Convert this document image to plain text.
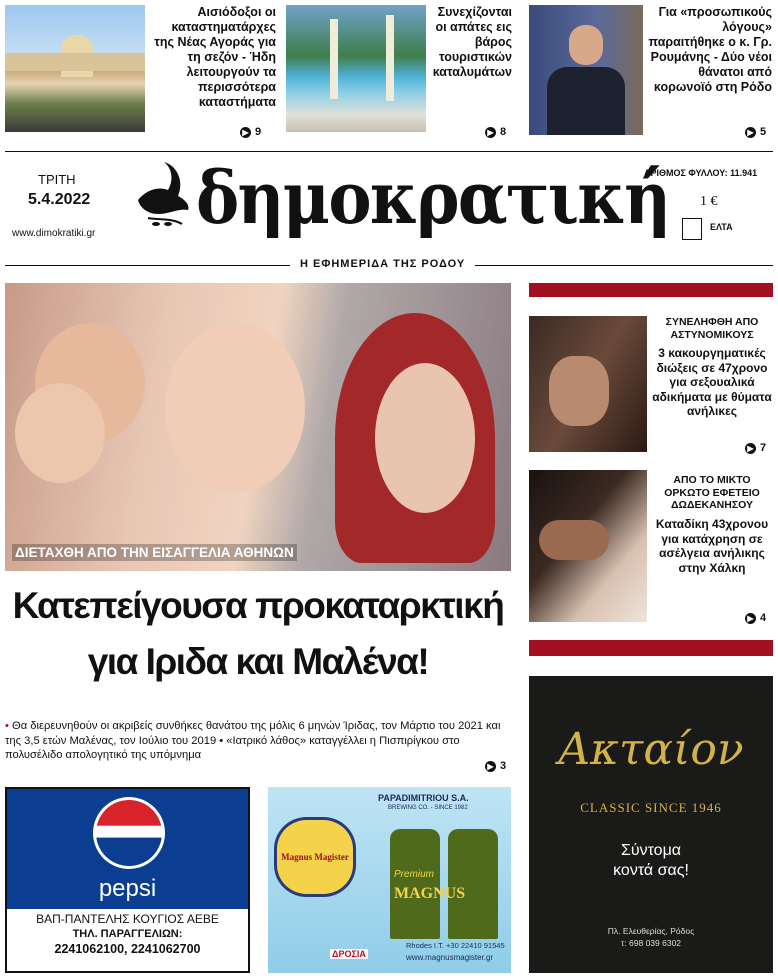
Αισιόδοξοι οι καταστηματάρχες της Νέας Αγοράς για τη σεζόν - Ήδη λειτουργούν τα περισσότερα καταστήματα
▶ 9
Συνεχίζονται οι απάτες εις βάρος τουριστικών καταλυμάτων
▶ 8
Για «προσωπικούς λόγους» παραιτήθηκε ο κ. Γρ. Ρουμάνης - Δύο νέοι θάνατοι από κορωνοϊό στη Ρόδο
▶ 5
ΤΡΙΤΗ
5.4.2022
www.dimokratiki.gr δημοκρατική
ΑΡΙΘΜΟΣ ΦΥΛΛΟΥ: 11.941
1 €
ΕΛΤΑ
Η ΕΦΗΜΕΡΙΔΑ ΤΗΣ ΡΟΔΟΥ
ΔΙΕΤΑΧΘΗ ΑΠΟ ΤΗΝ ΕΙΣΑΓΓΕΛΙΑ ΑΘΗΝΩΝ
Κατεπείγουσα προκαταρκτική
για Ιριδα και Μαλένα!
• Θα διερευνηθούν οι ακριβείς συνθήκες θανάτου της μόλις 6 μηνών Ίριδας, τον Μάρτιο του 2021 και της 3,5 ετών Μαλένας, τον Ιούλιο του 2019 • «Ιατρικό λάθος» καταγγέλλει η Πισπιρίγκου στο πολυσέλιδο απολογητικό της υπόμνημα
▶ 3
ΣΥΝΕΛΗΦΘΗ ΑΠΟ ΑΣΤΥΝΟΜΙΚΟΥΣ
3 κακουργηματικές διώξεις σε 47χρονο για σεξουαλικά αδικήματα με θύματα ανήλικες
▶ 7
ΑΠΟ ΤΟ ΜΙΚΤΟ ΟΡΚΩΤΟ ΕΦΕΤΕΙΟ ΔΩΔΕΚΑΝΗΣΟΥ
Καταδίκη 43χρονου για κατάχρηση σε ασέλγεια ανήλικης στην Χάλκη
▶ 4
pepsi
ΒΑΠ-ΠΑΝΤΕΛΗΣ ΚΟΥΓΙΟΣ ΑΕΒΕ
ΤΗΛ. ΠΑΡΑΓΓΕΛΙΩΝ:
2241062100, 2241062700
PAPADIMITRIOU S.A.
BREWING CO. - SINCE 1982
Magnus Magister
Premium
MAGNUS
ΔΡΟΣΙΑ
Rhodes I.T. +30 22410 91545
www.magnusmagister.gr
Ακταίον
CLASSIC SINCE 1946
Σύντομα
κοντά σας!
Πλ. Ελευθερίας, Ρόδος
τ: 698 039 6302
